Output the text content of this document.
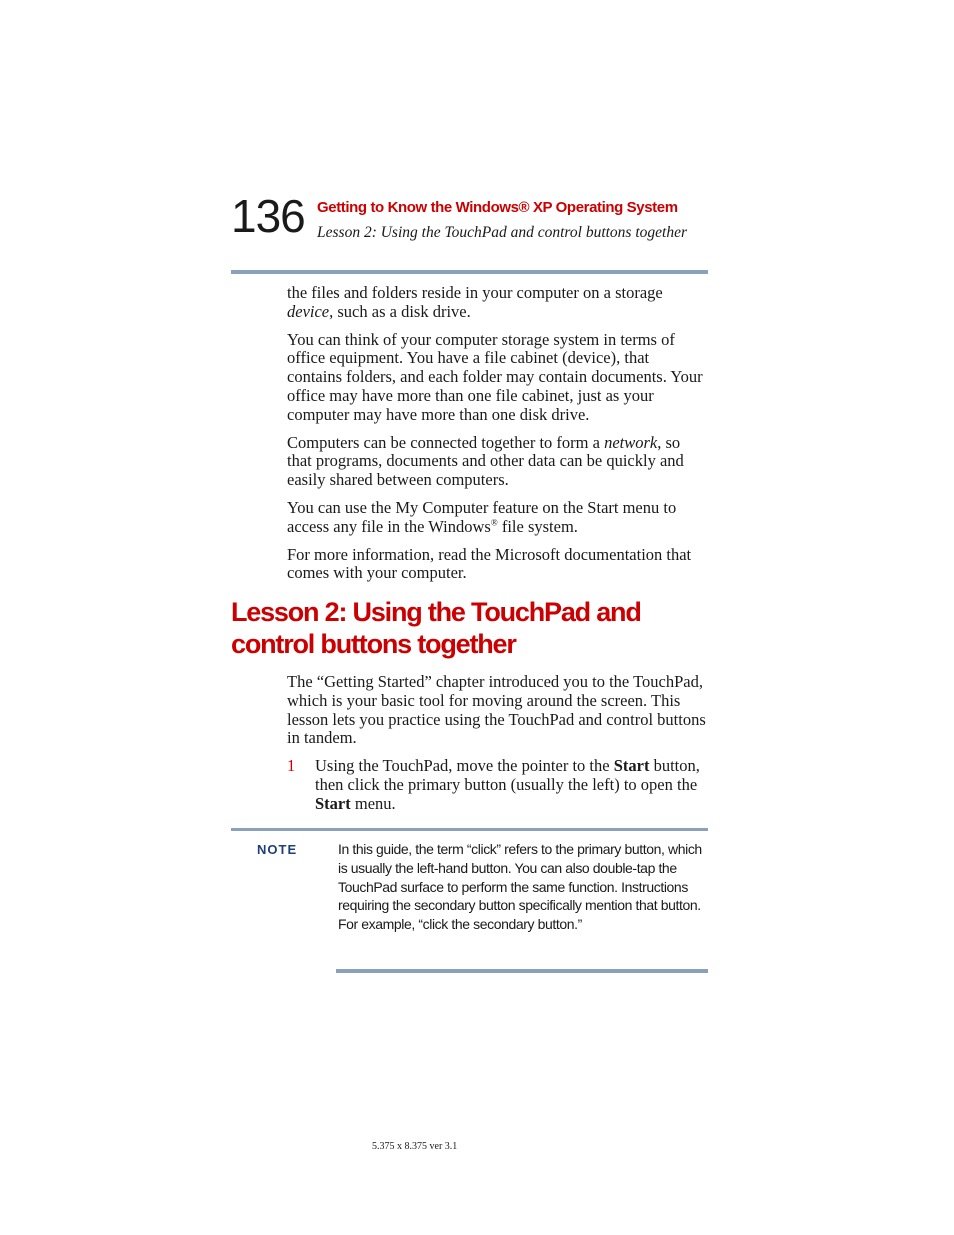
136 Getting to Know the Windows® XP Operating System
Lesson 2: Using the TouchPad and control buttons together

the files and folders reside in your computer on a storage device, such as a disk drive.

You can think of your computer storage system in terms of office equipment. You have a file cabinet (device), that contains folders, and each folder may contain documents. Your office may have more than one file cabinet, just as your computer may have more than one disk drive.

Computers can be connected together to form a network, so that programs, documents and other data can be quickly and easily shared between computers.

You can use the My Computer feature on the Start menu to access any file in the Windows® file system.

For more information, read the Microsoft documentation that comes with your computer.

Lesson 2: Using the TouchPad and control buttons together

The “Getting Started” chapter introduced you to the TouchPad, which is your basic tool for moving around the screen. This lesson lets you practice using the TouchPad and control buttons in tandem.

1 Using the TouchPad, move the pointer to the Start button, then click the primary button (usually the left) to open the Start menu.

NOTE	In this guide, the term “click” refers to the primary button, which is usually the left-hand button. You can also double-tap the TouchPad surface to perform the same function. Instructions requiring the secondary button specifically mention that button. For example, “click the secondary button.”
5.375 x 8.375 ver 3.1
